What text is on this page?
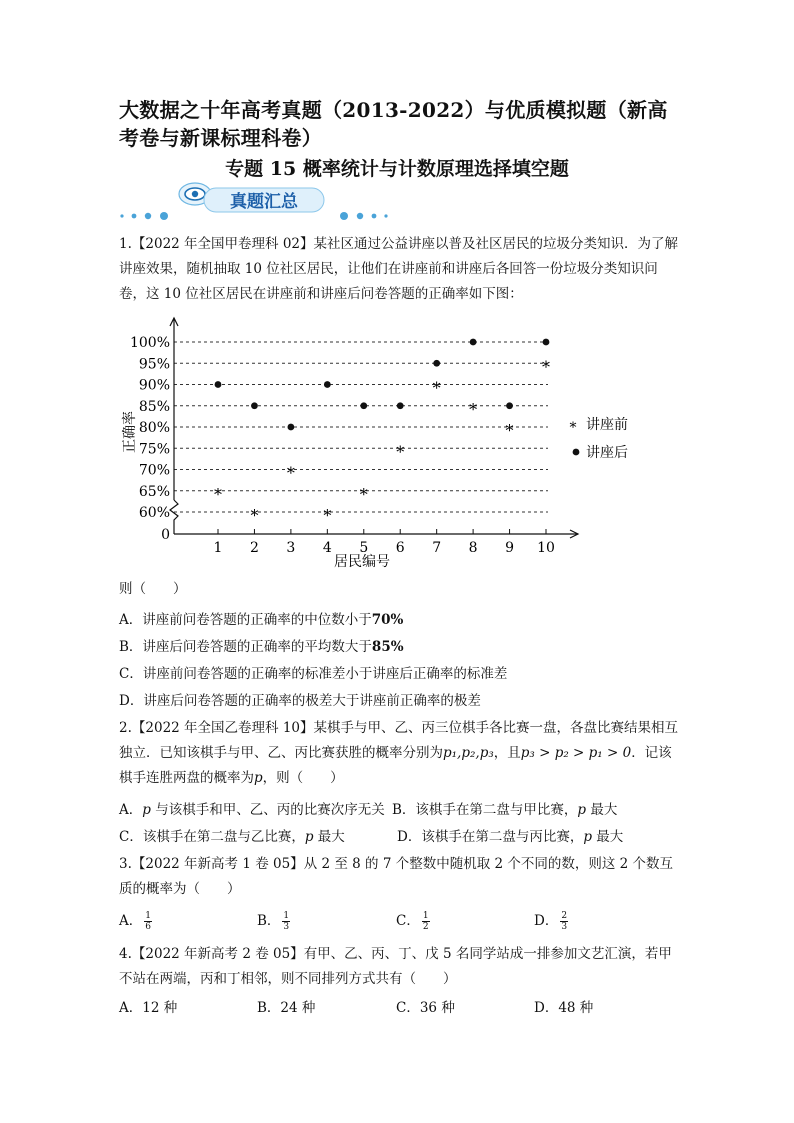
大数据之十年高考真题（2013-2022）与优质模拟题（新高考卷与新课标理科卷）
专题 15 概率统计与计数原理选择填空题
真题汇总
1.【2022 年全国甲卷理科 02】某社区通过公益讲座以普及社区居民的垃圾分类知识．为了解讲座效果，随机抽取 10 位社区居民，让他们在讲座前和讲座后各回答一份垃圾分类知识问卷，这 10 位社区居民在讲座前和讲座后问卷答题的正确率如下图：
0
60%
65%
70%
75%
80%
85%
90%
95%
100%
1 2 3 4 5 6 7 8 9 10
*
*
*
*
*
*
*
*
*
*
正确率
居民编号
* 讲座前
讲座后
则（　　）
A．讲座前问卷答题的正确率的中位数小于70%
B．讲座后问卷答题的正确率的平均数大于85%
C．讲座前问卷答题的正确率的标准差小于讲座后正确率的标准差
D．讲座后问卷答题的正确率的极差大于讲座前正确率的极差
2.【2022 年全国乙卷理科 10】某棋手与甲、乙、丙三位棋手各比赛一盘，各盘比赛结果相互独立．已知该棋手与甲、乙、丙比赛获胜的概率分别为p₁,p₂,p₃，且p₃ > p₂ > p₁ > 0．记该棋手连胜两盘的概率为p，则（　　）
A．p 与该棋手和甲、乙、丙的比赛次序无关 B．该棋手在第二盘与甲比赛，p 最大
C．该棋手在第二盘与乙比赛，p 最大	D．该棋手在第二盘与丙比赛，p 最大
3.【2022 年新高考 1 卷 05】从 2 至 8 的 7 个整数中随机取 2 个不同的数，则这 2 个数互质的概率为（　　）
A． $\frac{1}{6}$	B． $\frac{1}{3}$	C． $\frac{1}{2}$	D． $\frac{2}{3}$
4.【2022 年新高考 2 卷 05】有甲、乙、丙、丁、戊 5 名同学站成一排参加文艺汇演，若甲不站在两端，丙和丁相邻，则不同排列方式共有（　　）
A．12 种	B．24 种	C．36 种	D．48 种
